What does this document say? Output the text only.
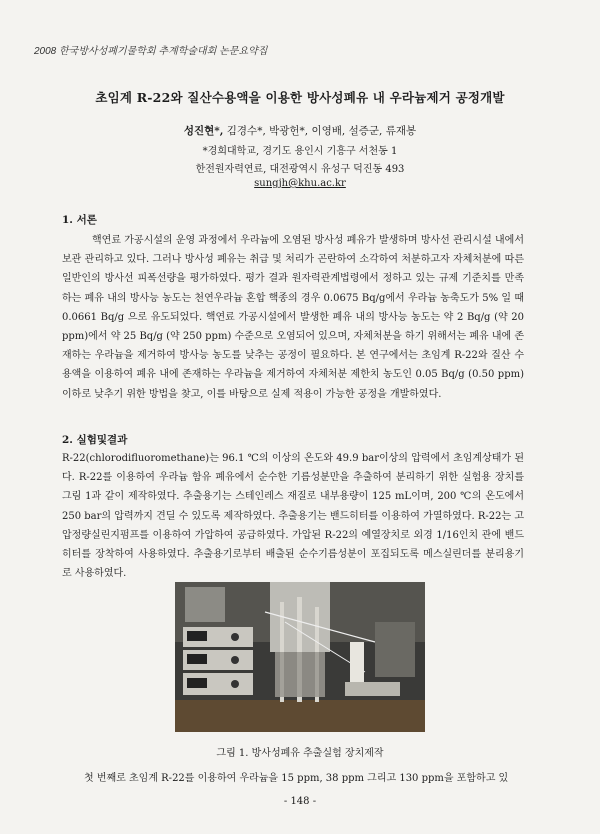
2008 한국방사성폐기물학회 추계학술대회 논문요약집
초임계 R-22와 질산수용액을 이용한 방사성폐유 내 우라늄제거 공정개발
성진현*, 김경수*, 박광헌*, 이영배, 설증군, 류재봉
*경희대학교, 경기도 용인시 기흥구 서천동 1
한전원자력연료, 대전광역시 유성구 덕진동 493
sungjh@khu.ac.kr
1. 서론

핵연료 가공시설의 운영 과정에서 우라늄에 오염된 방사성 폐유가 발생하며 방사선 관리시설 내에서 보관 관리하고 있다. 그러나 방사성 폐유는 취급 및 처리가 곤란하여 소각하여 처분하고자 자체처분에 따른 일반인의 방사선 피폭선량을 평가하였다. 평가 결과 원자력관계법령에서 정하고 있는 규제 기준치를 만족하는 폐유 내의 방사능 농도는 천연우라늄 혼합 핵종의 경우 0.0675 Bq/g에서 우라늄 농축도가 5% 일 때 0.0661 Bq/g 으로 유도되었다. 핵연료 가공시설에서 발생한 폐유 내의 방사능 농도는 약 2 Bq/g (약 20 ppm)에서 약 25 Bq/g (약 250 ppm) 수준으로 오염되어 있으며, 자체처분을 하기 위해서는 폐유 내에 존재하는 우라늄을 제거하여 방사능 농도를 낮추는 공정이 필요하다. 본 연구에서는 초임계 R-22와 질산 수용액을 이용하여 폐유 내에 존재하는 우라늄을 제거하여 자체처분 제한치 농도인 0.05 Bq/g (0.50 ppm) 이하로 낮추기 위한 방법을 찾고, 이를 바탕으로 실제 적용이 가능한 공정을 개발하였다.

2. 실험및결과

R-22(chlorodifluoromethane)는 96.1 ℃의 이상의 온도와 49.9 bar이상의 압력에서 초임계상태가 된다. R-22를 이용하여 우라늄 함유 폐유에서 순수한 기름성분만을 추출하여 분리하기 위한 실험용 장치를 그림 1과 같이 제작하였다. 추출용기는 스테인레스 재질로 내부용량이 125 mL이며, 200 ℃의 온도에서 250 bar의 압력까지 견딜 수 있도록 제작하였다. 추출용기는 밴드히터를 이용하여 가열하였다. R-22는 고압정량실린지펌프를 이용하여 가압하여 공급하였다. 가압된 R-22의 예열장치로 외경 1/16인치 관에 밴드히터를 장착하여 사용하였다. 추출용기로부터 배출된 순수기름성분이 포집되도록 메스실린더를 분리용기로 사용하였다.

그림 1. 방사성폐유 추출실험 장치제작
첫 번째로 초임계 R-22를 이용하여 우라늄을 15 ppm, 38 ppm 그리고 130 ppm을 포함하고 있
- 148 -
